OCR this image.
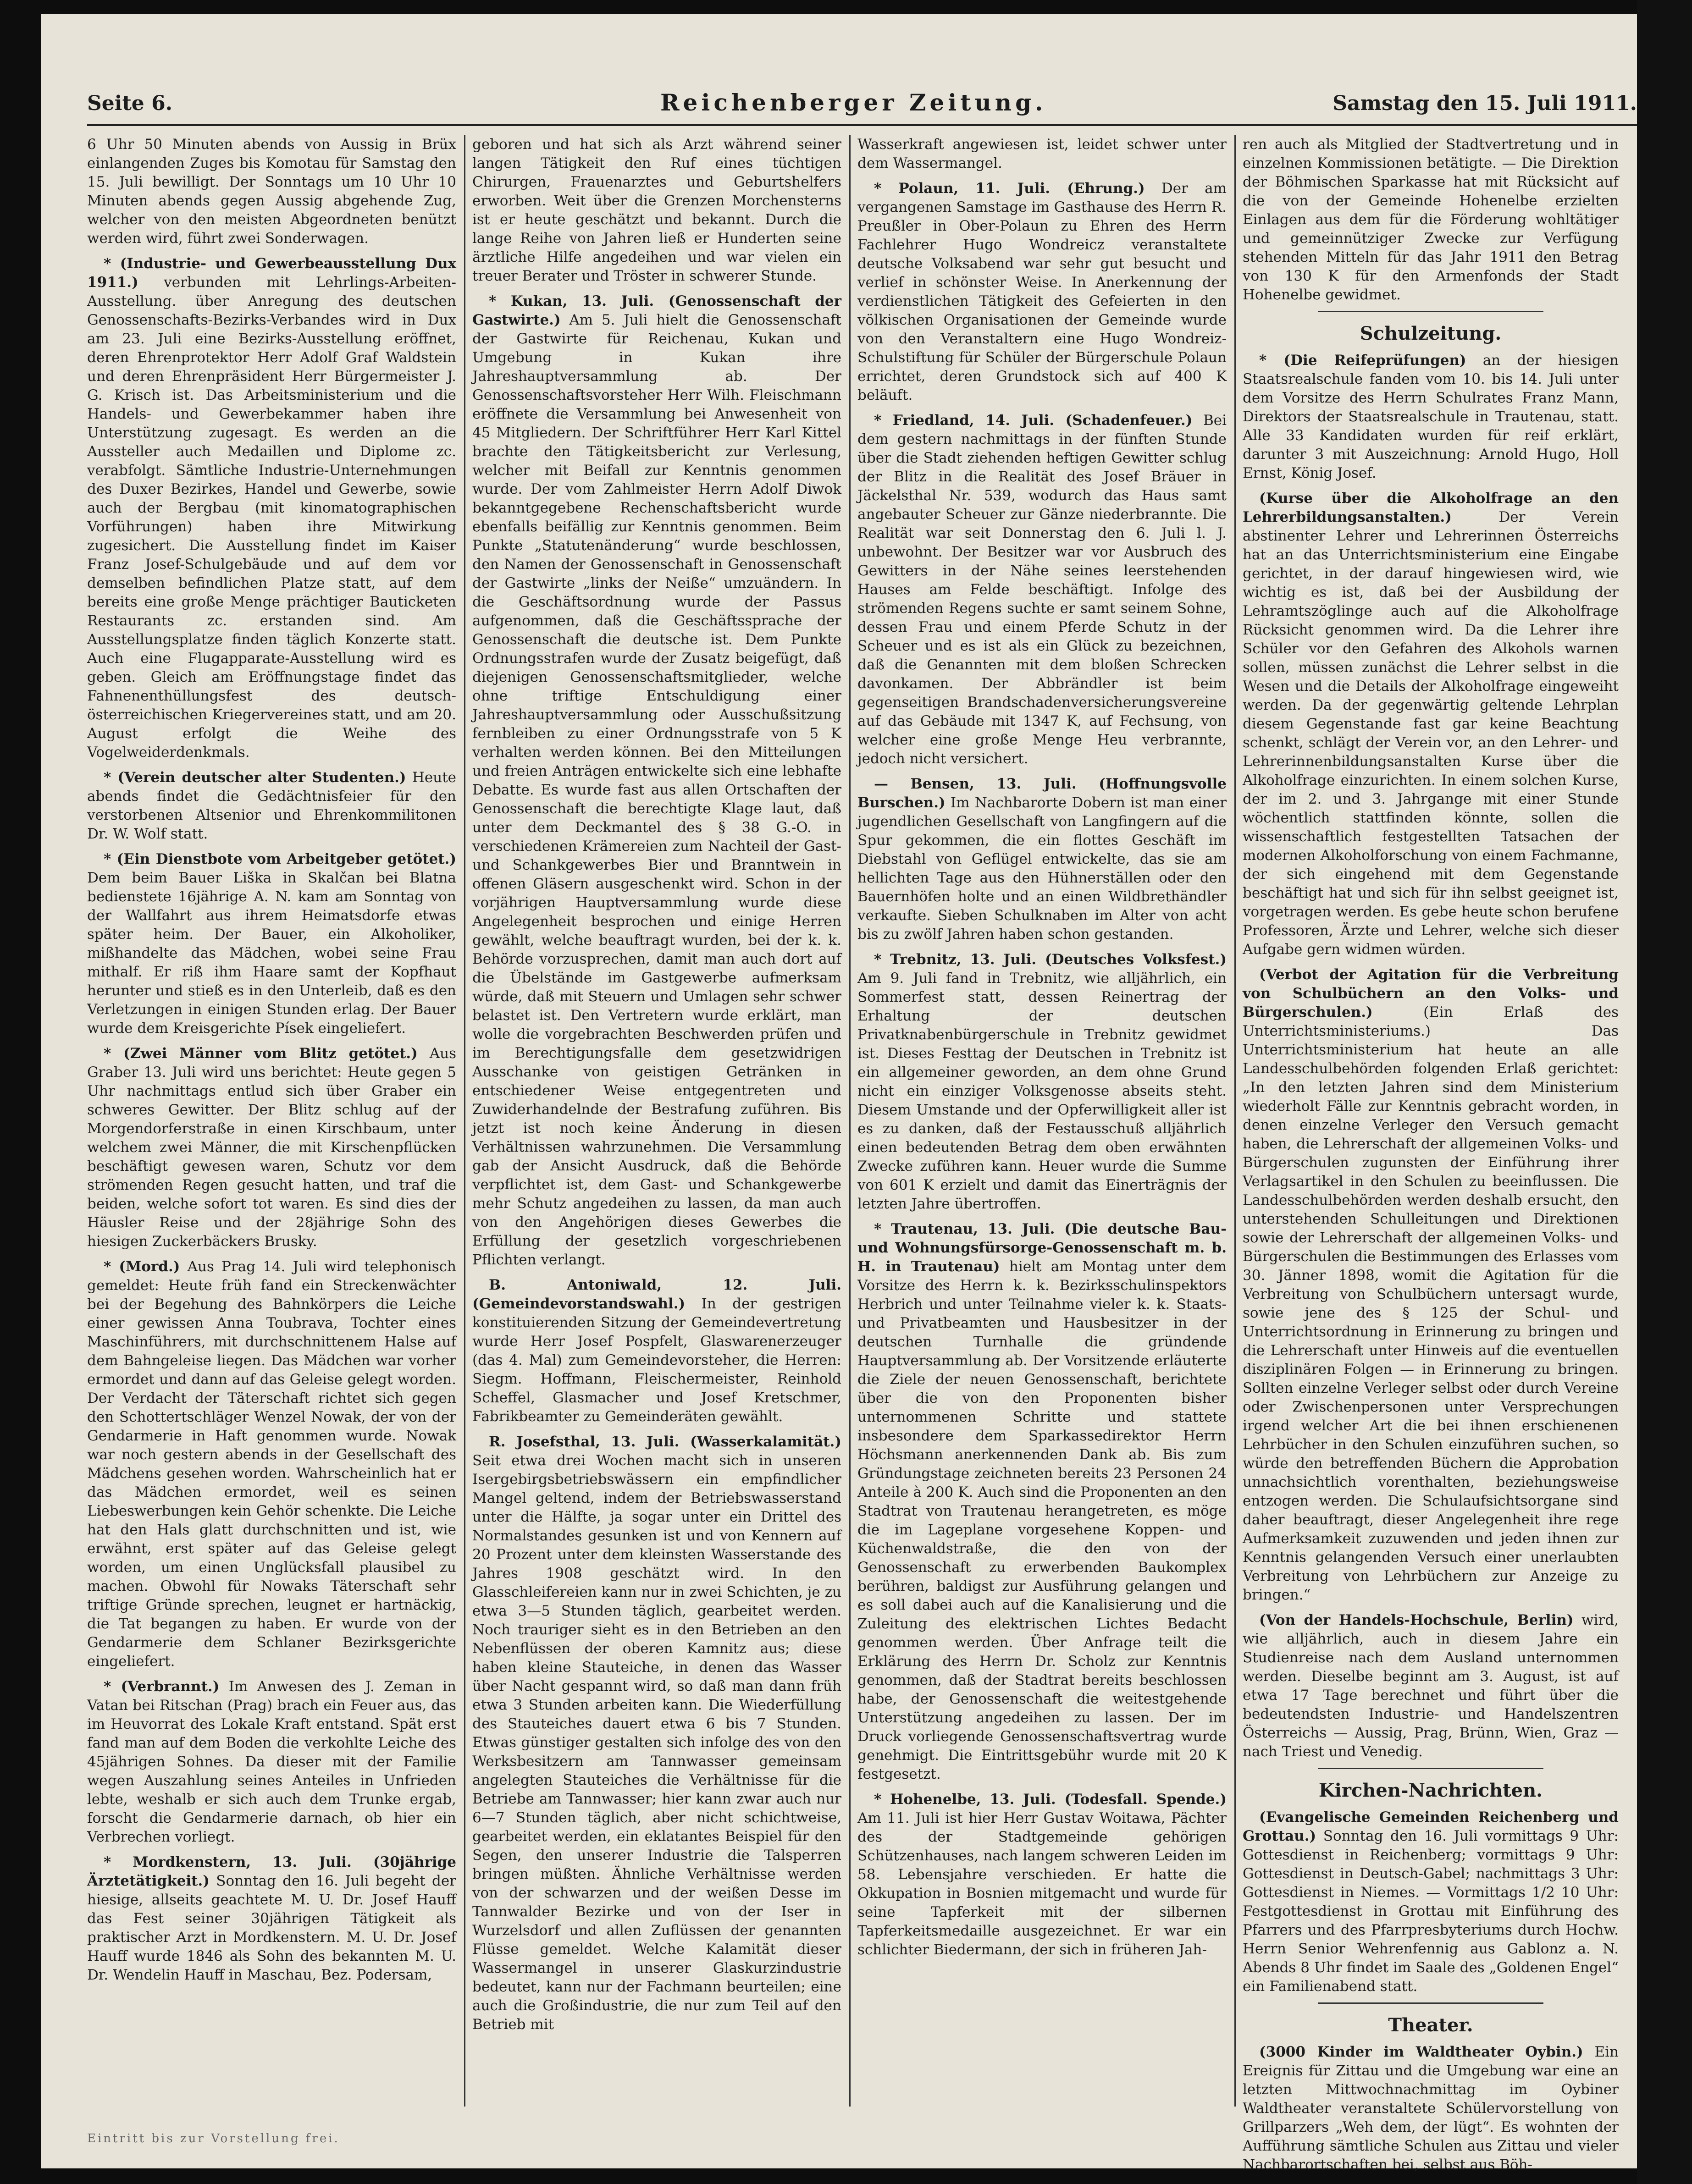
Seite 6.	Reichenberger Zeitung.	Samstag den 15. Juli 1911.

6 Uhr 50 Minuten abends von Aussig in Brüx einlangenden Zuges bis Komotau für Samstag den 15. Juli bewilligt. Der Sonntags um 10 Uhr 10 Minuten abends gegen Aussig abgehende Zug, welcher von den meisten Abgeordneten benützt werden wird, führt zwei Sonderwagen.

* (Industrie- und Gewerbeausstellung Dux 1911.) verbunden mit Lehrlings-Arbeiten-Ausstellung. über Anregung des deutschen Genossenschafts-Bezirks-Verbandes wird in Dux am 23. Juli eine Bezirks-Ausstellung eröffnet, deren Ehrenprotektor Herr Adolf Graf Waldstein und deren Ehrenpräsident Herr Bürgermeister J. G. Krisch ist. Das Arbeitsministerium und die Handels- und Gewerbekammer haben ihre Unterstützung zugesagt. Es werden an die Aussteller auch Medaillen und Diplome zc. verabfolgt. Sämtliche Industrie-Unternehmungen des Duxer Bezirkes, Handel und Gewerbe, sowie auch der Bergbau (mit kinomatographischen Vorführungen) haben ihre Mitwirkung zugesichert. Die Ausstellung findet im Kaiser Franz Josef-Schulgebäude und auf dem vor demselben befindlichen Platze statt, auf dem bereits eine große Menge prächtiger Bauticketen Restaurants zc. erstanden sind. Am Ausstellungsplatze finden täglich Konzerte statt. Auch eine Flugapparate-Ausstellung wird es geben. Gleich am Eröffnungstage findet das Fahnenenthüllungsfest des deutsch-österreichischen Kriegervereines statt, und am 20. August erfolgt die Weihe des Vogelweiderdenkmals.

* (Verein deutscher alter Studenten.) Heute abends findet die Gedächtnisfeier für den verstorbenen Altsenior und Ehrenkommilitonen Dr. W. Wolf statt.

* (Ein Dienstbote vom Arbeitgeber getötet.) Dem beim Bauer Liška in Skalčan bei Blatna bedienstete 16jährige A. N. kam am Sonntag von der Wallfahrt aus ihrem Heimatsdorfe etwas später heim. Der Bauer, ein Alkoholiker, mißhandelte das Mädchen, wobei seine Frau mithalf. Er riß ihm Haare samt der Kopfhaut herunter und stieß es in den Unterleib, daß es den Verletzungen in einigen Stunden erlag. Der Bauer wurde dem Kreisgerichte Písek eingeliefert.

* (Zwei Männer vom Blitz getötet.) Aus Graber 13. Juli wird uns berichtet: Heute gegen 5 Uhr nachmittags entlud sich über Graber ein schweres Gewitter. Der Blitz schlug auf der Morgendorferstraße in einen Kirschbaum, unter welchem zwei Männer, die mit Kirschenpflücken beschäftigt gewesen waren, Schutz vor dem strömenden Regen gesucht hatten, und traf die beiden, welche sofort tot waren. Es sind dies der Häusler Reise und der 28jährige Sohn des hiesigen Zuckerbäckers Brusky.

* (Mord.) Aus Prag 14. Juli wird telephonisch gemeldet: Heute früh fand ein Streckenwächter bei der Begehung des Bahnkörpers die Leiche einer gewissen Anna Toubrava, Tochter eines Maschinführers, mit durchschnittenem Halse auf dem Bahngeleise liegen. Das Mädchen war vorher ermordet und dann auf das Geleise gelegt worden. Der Verdacht der Täterschaft richtet sich gegen den Schottertschläger Wenzel Nowak, der von der Gendarmerie in Haft genommen wurde. Nowak war noch gestern abends in der Gesellschaft des Mädchens gesehen worden. Wahrscheinlich hat er das Mädchen ermordet, weil es seinen Liebeswerbungen kein Gehör schenkte. Die Leiche hat den Hals glatt durchschnitten und ist, wie erwähnt, erst später auf das Geleise gelegt worden, um einen Unglücksfall plausibel zu machen. Obwohl für Nowaks Täterschaft sehr triftige Gründe sprechen, leugnet er hartnäckig, die Tat begangen zu haben. Er wurde von der Gendarmerie dem Schlaner Bezirksgerichte eingeliefert.

* (Verbrannt.) Im Anwesen des J. Zeman in Vatan bei Ritschan (Prag) brach ein Feuer aus, das im Heuvorrat des Lokale Kraft entstand. Spät erst fand man auf dem Boden die verkohlte Leiche des 45jährigen Sohnes. Da dieser mit der Familie wegen Auszahlung seines Anteiles in Unfrieden lebte, weshalb er sich auch dem Trunke ergab, forscht die Gendarmerie darnach, ob hier ein Verbrechen vorliegt.

* Mordkenstern, 13. Juli. (30jährige Ärztetätigkeit.) Sonntag den 16. Juli begeht der hiesige, allseits geachtete M. U. Dr. Josef Hauff das Fest seiner 30jährigen Tätigkeit als praktischer Arzt in Mordkenstern. M. U. Dr. Josef Hauff wurde 1846 als Sohn des bekannten M. U. Dr. Wendelin Hauff in Maschau, Bez. Podersam,

geboren und hat sich als Arzt während seiner langen Tätigkeit den Ruf eines tüchtigen Chirurgen, Frauenarztes und Geburtshelfers erworben. Weit über die Grenzen Morchensterns ist er heute geschätzt und bekannt. Durch die lange Reihe von Jahren ließ er Hunderten seine ärztliche Hilfe angedeihen und war vielen ein treuer Berater und Tröster in schwerer Stunde.

* Kukan, 13. Juli. (Genossenschaft der Gastwirte.) Am 5. Juli hielt die Genossenschaft der Gastwirte für Reichenau, Kukan und Umgebung in Kukan ihre Jahreshauptversammlung ab. Der Genossenschaftsvorsteher Herr Wilh. Fleischmann eröffnete die Versammlung bei Anwesenheit von 45 Mitgliedern. Der Schriftführer Herr Karl Kittel brachte den Tätigkeitsbericht zur Verlesung, welcher mit Beifall zur Kenntnis genommen wurde. Der vom Zahlmeister Herrn Adolf Diwok bekanntgegebene Rechenschaftsbericht wurde ebenfalls beifällig zur Kenntnis genommen. Beim Punkte „Statutenänderung“ wurde beschlossen, den Namen der Genossenschaft in Genossenschaft der Gastwirte „links der Neiße“ umzuändern. In die Geschäftsordnung wurde der Passus aufgenommen, daß die Geschäftssprache der Genossenschaft die deutsche ist. Dem Punkte Ordnungsstrafen wurde der Zusatz beigefügt, daß diejenigen Genossenschaftsmitglieder, welche ohne triftige Entschuldigung einer Jahreshauptversammlung oder Ausschußsitzung fernbleiben zu einer Ordnungsstrafe von 5 K verhalten werden können. Bei den Mitteilungen und freien Anträgen entwickelte sich eine lebhafte Debatte. Es wurde fast aus allen Ortschaften der Genossenschaft die berechtigte Klage laut, daß unter dem Deckmantel des § 38 G.-O. in verschiedenen Krämereien zum Nachteil der Gast- und Schankgewerbes Bier und Branntwein in offenen Gläsern ausgeschenkt wird. Schon in der vorjährigen Hauptversammlung wurde diese Angelegenheit besprochen und einige Herren gewählt, welche beauftragt wurden, bei der k. k. Behörde vorzusprechen, damit man auch dort auf die Übelstände im Gastgewerbe aufmerksam würde, daß mit Steuern und Umlagen sehr schwer belastet ist. Den Vertretern wurde erklärt, man wolle die vorgebrachten Beschwerden prüfen und im Berechtigungsfalle dem gesetzwidrigen Ausschanke von geistigen Getränken in entschiedener Weise entgegentreten und Zuwiderhandelnde der Bestrafung zuführen. Bis jetzt ist noch keine Änderung in diesen Verhältnissen wahrzunehmen. Die Versammlung gab der Ansicht Ausdruck, daß die Behörde verpflichtet ist, dem Gast- und Schankgewerbe mehr Schutz angedeihen zu lassen, da man auch von den Angehörigen dieses Gewerbes die Erfüllung der gesetzlich vorgeschriebenen Pflichten verlangt.

B. Antoniwald, 12. Juli. (Gemeindevorstandswahl.) In der gestrigen konstituierenden Sitzung der Gemeindevertretung wurde Herr Josef Pospfelt, Glaswarenerzeuger (das 4. Mal) zum Gemeindevorsteher, die Herren: Siegm. Hoffmann, Fleischermeister, Reinhold Scheffel, Glasmacher und Josef Kretschmer, Fabrikbeamter zu Gemeinderäten gewählt.

R. Josefsthal, 13. Juli. (Wasserkalamität.) Seit etwa drei Wochen macht sich in unseren Isergebirgsbetriebswässern ein empfindlicher Mangel geltend, indem der Betriebswasserstand unter die Hälfte, ja sogar unter ein Drittel des Normalstandes gesunken ist und von Kennern auf 20 Prozent unter dem kleinsten Wasserstande des Jahres 1908 geschätzt wird. In den Glasschleifereien kann nur in zwei Schichten, je zu etwa 3—5 Stunden täglich, gearbeitet werden. Noch trauriger sieht es in den Betrieben an den Nebenflüssen der oberen Kamnitz aus; diese haben kleine Stauteiche, in denen das Wasser über Nacht gespannt wird, so daß man dann früh etwa 3 Stunden arbeiten kann. Die Wiederfüllung des Stauteiches dauert etwa 6 bis 7 Stunden. Etwas günstiger gestalten sich infolge des von den Werksbesitzern am Tannwasser gemeinsam angelegten Stauteiches die Verhältnisse für die Betriebe am Tannwasser; hier kann zwar auch nur 6—7 Stunden täglich, aber nicht schichtweise, gearbeitet werden, ein eklatantes Beispiel für den Segen, den unserer Industrie die Talsperren bringen müßten. Ähnliche Verhältnisse werden von der schwarzen und der weißen Desse im Tannwalder Bezirke und von der Iser in Wurzelsdorf und allen Zuflüssen der genannten Flüsse gemeldet. Welche Kalamität dieser Wassermangel in unserer Glaskurzindustrie bedeutet, kann nur der Fachmann beurteilen; eine auch die Großindustrie, die nur zum Teil auf den Betrieb mit

Wasserkraft angewiesen ist, leidet schwer unter dem Wassermangel.

* Polaun, 11. Juli. (Ehrung.) Der am vergangenen Samstage im Gasthause des Herrn R. Preußler in Ober-Polaun zu Ehren des Herrn Fachlehrer Hugo Wondreicz veranstaltete deutsche Volksabend war sehr gut besucht und verlief in schönster Weise. In Anerkennung der verdienstlichen Tätigkeit des Gefeierten in den völkischen Organisationen der Gemeinde wurde von den Veranstaltern eine Hugo Wondreiz-Schulstiftung für Schüler der Bürgerschule Polaun errichtet, deren Grundstock sich auf 400 K beläuft.

* Friedland, 14. Juli. (Schadenfeuer.) Bei dem gestern nachmittags in der fünften Stunde über die Stadt ziehenden heftigen Gewitter schlug der Blitz in die Realität des Josef Bräuer in Jäckelsthal Nr. 539, wodurch das Haus samt angebauter Scheuer zur Gänze niederbrannte. Die Realität war seit Donnerstag den 6. Juli l. J. unbewohnt. Der Besitzer war vor Ausbruch des Gewitters in der Nähe seines leerstehenden Hauses am Felde beschäftigt. Infolge des strömenden Regens suchte er samt seinem Sohne, dessen Frau und einem Pferde Schutz in der Scheuer und es ist als ein Glück zu bezeichnen, daß die Genannten mit dem bloßen Schrecken davonkamen. Der Abbrändler ist beim gegenseitigen Brandschadenversicherungsvereine auf das Gebäude mit 1347 K, auf Fechsung, von welcher eine große Menge Heu verbrannte, jedoch nicht versichert.

— Bensen, 13. Juli. (Hoffnungsvolle Burschen.) Im Nachbarorte Dobern ist man einer jugendlichen Gesellschaft von Langfingern auf die Spur gekommen, die ein flottes Geschäft im Diebstahl von Geflügel entwickelte, das sie am hellichten Tage aus den Hühnerställen oder den Bauernhöfen holte und an einen Wildbrethändler verkaufte. Sieben Schulknaben im Alter von acht bis zu zwölf Jahren haben schon gestanden.

* Trebnitz, 13. Juli. (Deutsches Volksfest.) Am 9. Juli fand in Trebnitz, wie alljährlich, ein Sommerfest statt, dessen Reinertrag der Erhaltung der deutschen Privatknabenbürgerschule in Trebnitz gewidmet ist. Dieses Festtag der Deutschen in Trebnitz ist ein allgemeiner geworden, an dem ohne Grund nicht ein einziger Volksgenosse abseits steht. Diesem Umstande und der Opferwilligkeit aller ist es zu danken, daß der Festausschuß alljährlich einen bedeutenden Betrag dem oben erwähnten Zwecke zuführen kann. Heuer wurde die Summe von 601 K erzielt und damit das Einerträgnis der letzten Jahre übertroffen.

* Trautenau, 13. Juli. (Die deutsche Bau- und Wohnungsfürsorge-Genossenschaft m. b. H. in Trautenau) hielt am Montag unter dem Vorsitze des Herrn k. k. Bezirksschulinspektors Herbrich und unter Teilnahme vieler k. k. Staats- und Privatbeamten und Hausbesitzer in der deutschen Turnhalle die gründende Hauptversammlung ab. Der Vorsitzende erläuterte die Ziele der neuen Genossenschaft, berichtete über die von den Proponenten bisher unternommenen Schritte und stattete insbesondere dem Sparkassedirektor Herrn Höchsmann anerkennenden Dank ab. Bis zum Gründungstage zeichneten bereits 23 Personen 24 Anteile à 200 K. Auch sind die Proponenten an den Stadtrat von Trautenau herangetreten, es möge die im Lageplane vorgesehene Koppen- und Küchenwaldstraße, die den von der Genossenschaft zu erwerbenden Baukomplex berühren, baldigst zur Ausführung gelangen und es soll dabei auch auf die Kanalisierung und die Zuleitung des elektrischen Lichtes Bedacht genommen werden. Über Anfrage teilt die Erklärung des Herrn Dr. Scholz zur Kenntnis genommen, daß der Stadtrat bereits beschlossen habe, der Genossenschaft die weitestgehende Unterstützung angedeihen zu lassen. Der im Druck vorliegende Genossenschaftsvertrag wurde genehmigt. Die Eintrittsgebühr wurde mit 20 K festgesetzt.

* Hohenelbe, 13. Juli. (Todesfall. Spende.) Am 11. Juli ist hier Herr Gustav Woitawa, Pächter des der Stadtgemeinde gehörigen Schützenhauses, nach langem schweren Leiden im 58. Lebensjahre verschieden. Er hatte die Okkupation in Bosnien mitgemacht und wurde für seine Tapferkeit mit der silbernen Tapferkeitsmedaille ausgezeichnet. Er war ein schlichter Biedermann, der sich in früheren Jah-

ren auch als Mitglied der Stadtvertretung und in einzelnen Kommissionen betätigte. — Die Direktion der Böhmischen Sparkasse hat mit Rücksicht auf die von der Gemeinde Hohenelbe erzielten Einlagen aus dem für die Förderung wohltätiger und gemeinnütziger Zwecke zur Verfügung stehenden Mitteln für das Jahr 1911 den Betrag von 130 K für den Armenfonds der Stadt Hohenelbe gewidmet.

Schulzeitung.

* (Die Reifeprüfungen) an der hiesigen Staatsrealschule fanden vom 10. bis 14. Juli unter dem Vorsitze des Herrn Schulrates Franz Mann, Direktors der Staatsrealschule in Trautenau, statt. Alle 33 Kandidaten wurden für reif erklärt, darunter 3 mit Auszeichnung: Arnold Hugo, Holl Ernst, König Josef.

(Kurse über die Alkoholfrage an den Lehrerbildungsanstalten.)	Der Verein abstinenter Lehrer und Lehrerinnen Österreichs hat an das Unterrichtsministerium eine Eingabe gerichtet, in der darauf hingewiesen wird, wie wichtig es ist, daß bei der Ausbildung der Lehramtszöglinge auch auf die Alkoholfrage Rücksicht genommen wird. Da die Lehrer ihre Schüler vor den Gefahren des Alkohols warnen sollen, müssen zunächst die Lehrer selbst in die Wesen und die Details der Alkoholfrage eingeweiht werden. Da der gegenwärtig geltende Lehrplan diesem Gegenstande fast gar keine Beachtung schenkt, schlägt der Verein vor, an den Lehrer- und Lehrerinnenbildungsanstalten Kurse über die Alkoholfrage einzurichten. In einem solchen Kurse, der im 2. und 3. Jahrgange mit einer Stunde wöchentlich stattfinden könnte, sollen die wissenschaftlich festgestellten Tatsachen der modernen Alkoholforschung von einem Fachmanne, der sich eingehend mit dem Gegenstande beschäftigt hat und sich für ihn selbst geeignet ist, vorgetragen werden. Es gebe heute schon berufene Professoren, Ärzte und Lehrer, welche sich dieser Aufgabe gern widmen würden.

(Verbot der Agitation für die Verbreitung von Schulbüchern an den Volks- und Bürgerschulen.)	(Ein Erlaß des Unterrichtsministeriums.) Das Unterrichtsministerium hat heute an alle Landesschulbehörden folgenden Erlaß gerichtet: „In den letzten Jahren sind dem Ministerium wiederholt Fälle zur Kenntnis gebracht worden, in denen einzelne Verleger den Versuch gemacht haben, die Lehrerschaft der allgemeinen Volks- und Bürgerschulen zugunsten der Einführung ihrer Verlagsartikel in den Schulen zu beeinflussen. Die Landesschulbehörden werden deshalb ersucht, den unterstehenden Schulleitungen und Direktionen sowie der Lehrerschaft der allgemeinen Volks- und Bürgerschulen die Bestimmungen des Erlasses vom 30. Jänner 1898, womit die Agitation für die Verbreitung von Schulbüchern untersagt wurde, sowie jene des § 125 der Schul- und Unterrichtsordnung in Erinnerung zu bringen und die Lehrerschaft unter Hinweis auf die eventuellen disziplinären Folgen — in Erinnerung zu bringen. Sollten einzelne Verleger selbst oder durch Vereine oder Zwischenpersonen unter Versprechungen irgend welcher Art die bei ihnen erschienenen Lehrbücher in den Schulen einzuführen suchen, so würde den betreffenden Büchern die Approbation unnachsichtlich vorenthalten, beziehungsweise entzogen werden. Die Schulaufsichtsorgane sind daher beauftragt, dieser Angelegenheit ihre rege Aufmerksamkeit zuzuwenden und jeden ihnen zur Kenntnis gelangenden Versuch einer unerlaubten Verbreitung von Lehrbüchern zur Anzeige zu bringen.“

(Von der Handels-Hochschule, Berlin) wird, wie alljährlich, auch in diesem Jahre ein Studienreise nach dem Ausland unternommen werden. Dieselbe beginnt am 3. August, ist auf etwa 17 Tage berechnet und führt über die bedeutendsten Industrie- und Handelszentren Österreichs — Aussig, Prag, Brünn, Wien, Graz — nach Triest und Venedig.

Kirchen-Nachrichten.

(Evangelische Gemeinden Reichenberg und Grottau.) Sonntag den 16. Juli vormittags 9 Uhr: Gottesdienst in Reichenberg; vormittags 9 Uhr: Gottesdienst in Deutsch-Gabel; nachmittags 3 Uhr: Gottesdienst in Niemes. — Vormittags 1/2 10 Uhr: Festgottesdienst in Grottau mit Einführung des Pfarrers und des Pfarrpresbyteriums durch Hochw. Herrn Senior Wehrenfennig aus Gablonz a. N. Abends 8 Uhr findet im Saale des „Goldenen Engel“ ein Familienabend statt.

Theater.

(3000 Kinder im Waldtheater Oybin.) Ein Ereignis für Zittau und die Umgebung war eine an letzten Mittwochnachmittag im Oybiner Waldtheater veranstaltete Schülervorstellung von Grillparzers „Weh dem, der lügt“. Es wohnten der Aufführung sämtliche Schulen aus Zittau und vieler Nachbarortschaften bei, selbst aus Böh-

Eintritt bis zur Vorstellung frei.
